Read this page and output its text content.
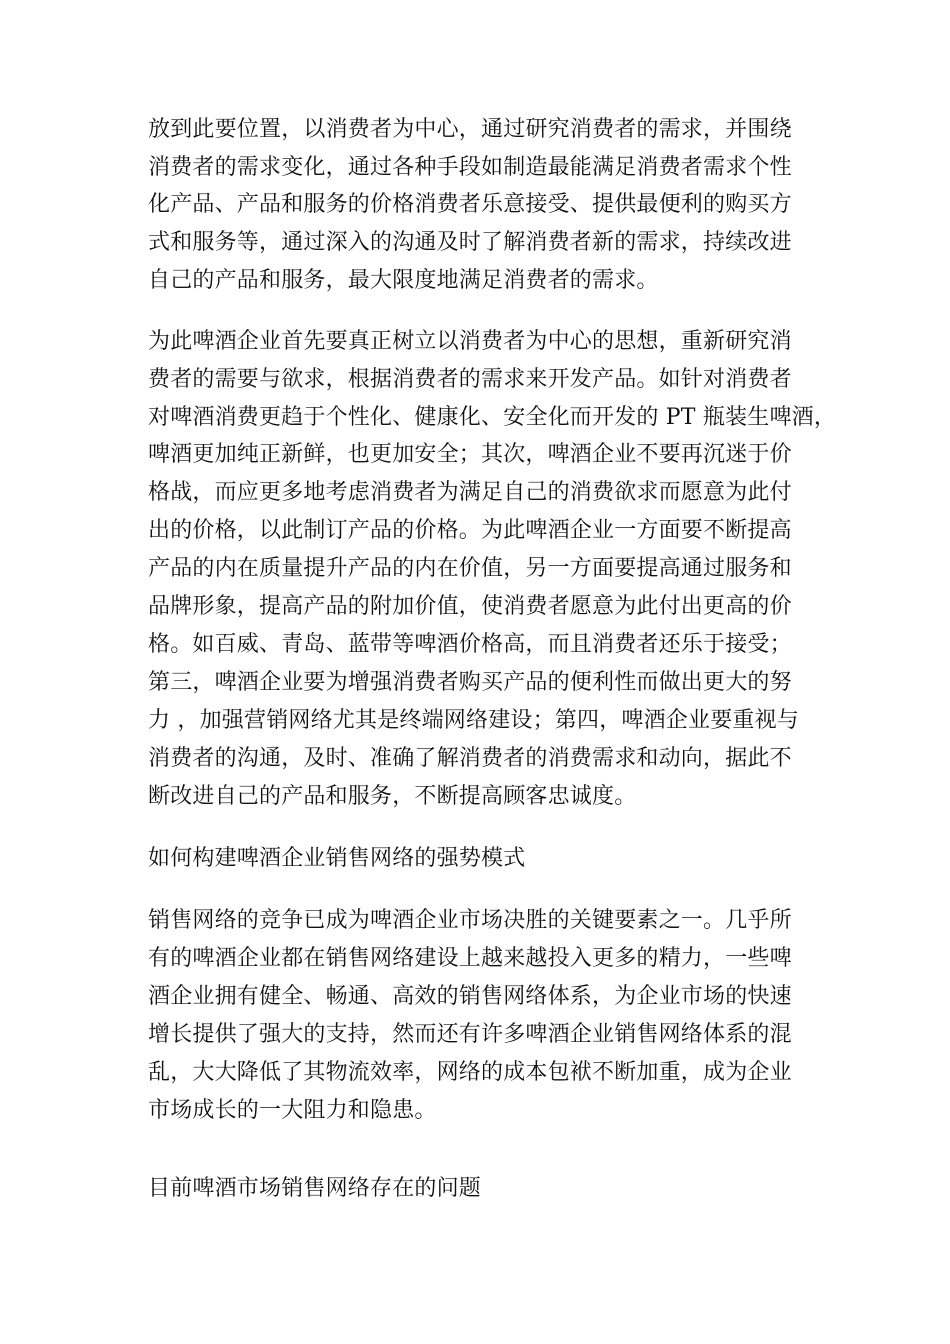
放到此要位置，以消费者为中心，通过研究消费者的需求，并围绕
消费者的需求变化，通过各种手段如制造最能满足消费者需求个性
化产品、产品和服务的价格消费者乐意接受、提供最便利的购买方
式和服务等，通过深入的沟通及时了解消费者新的需求，持续改进
自己的产品和服务，最大限度地满足消费者的需求。
为此啤酒企业首先要真正树立以消费者为中心的思想，重新研究消
费者的需要与欲求，根据消费者的需求来开发产品。如针对消费者
对啤酒消费更趋于个性化、健康化、安全化而开发的 PT 瓶装生啤酒，
啤酒更加纯正新鲜，也更加安全；其次，啤酒企业不要再沉迷于价
格战，而应更多地考虑消费者为满足自己的消费欲求而愿意为此付
出的价格，以此制订产品的价格。为此啤酒企业一方面要不断提高
产品的内在质量提升产品的内在价值，另一方面要提高通过服务和
品牌形象，提高产品的附加价值，使消费者愿意为此付出更高的价
格。如百威、青岛、蓝带等啤酒价格高，而且消费者还乐于接受；
第三，啤酒企业要为增强消费者购买产品的便利性而做出更大的努
力 ，加强营销网络尤其是终端网络建设；第四，啤酒企业要重视与
消费者的沟通，及时、准确了解消费者的消费需求和动向，据此不
断改进自己的产品和服务，不断提高顾客忠诚度。
如何构建啤酒企业销售网络的强势模式
销售网络的竞争已成为啤酒企业市场决胜的关键要素之一。几乎所
有的啤酒企业都在销售网络建设上越来越投入更多的精力，一些啤
酒企业拥有健全、畅通、高效的销售网络体系，为企业市场的快速
增长提供了强大的支持，然而还有许多啤酒企业销售网络体系的混
乱，大大降低了其物流效率，网络的成本包袱不断加重，成为企业
市场成长的一大阻力和隐患。
目前啤酒市场销售网络存在的问题
